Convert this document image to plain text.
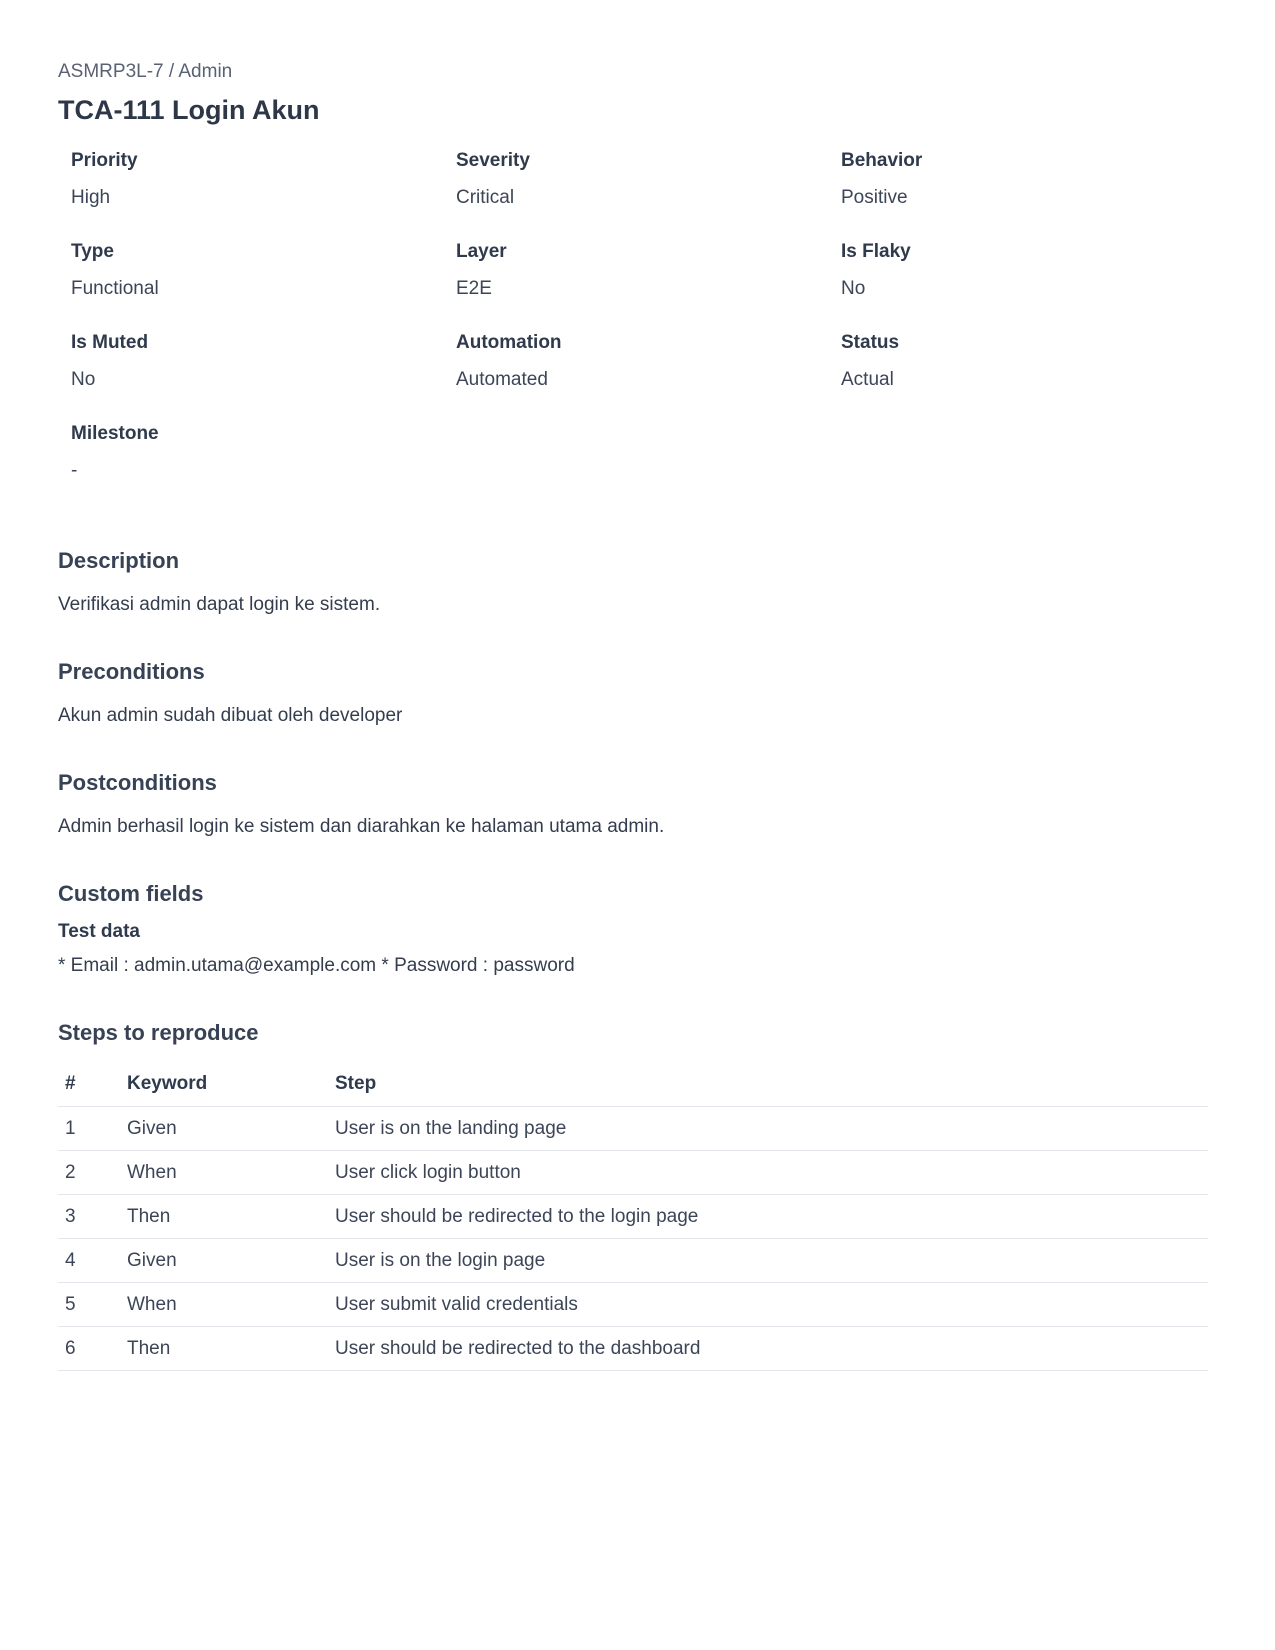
ASMRP3L-7 / Admin

TCA-111 Login Akun
Priority
High
Severity
Critical
Behavior
Positive
Type
Functional
Layer
E2E
Is Flaky
No
Is Muted
No
Automation
Automated
Status
Actual
Milestone
-
Description

Verifikasi admin dapat login ke sistem.

Preconditions

Akun admin sudah dibuat oleh developer

Postconditions

Admin berhasil login ke sistem dan diarahkan ke halaman utama admin.

Custom fields

Test data

* Email : admin.utama@example.com * Password : password

Steps to reproduce
#	Keyword	Step
1	Given	User is on the landing page
2	When	User click login button
3	Then	User should be redirected to the login page
4	Given	User is on the login page
5	When	User submit valid credentials
6	Then	User should be redirected to the dashboard
